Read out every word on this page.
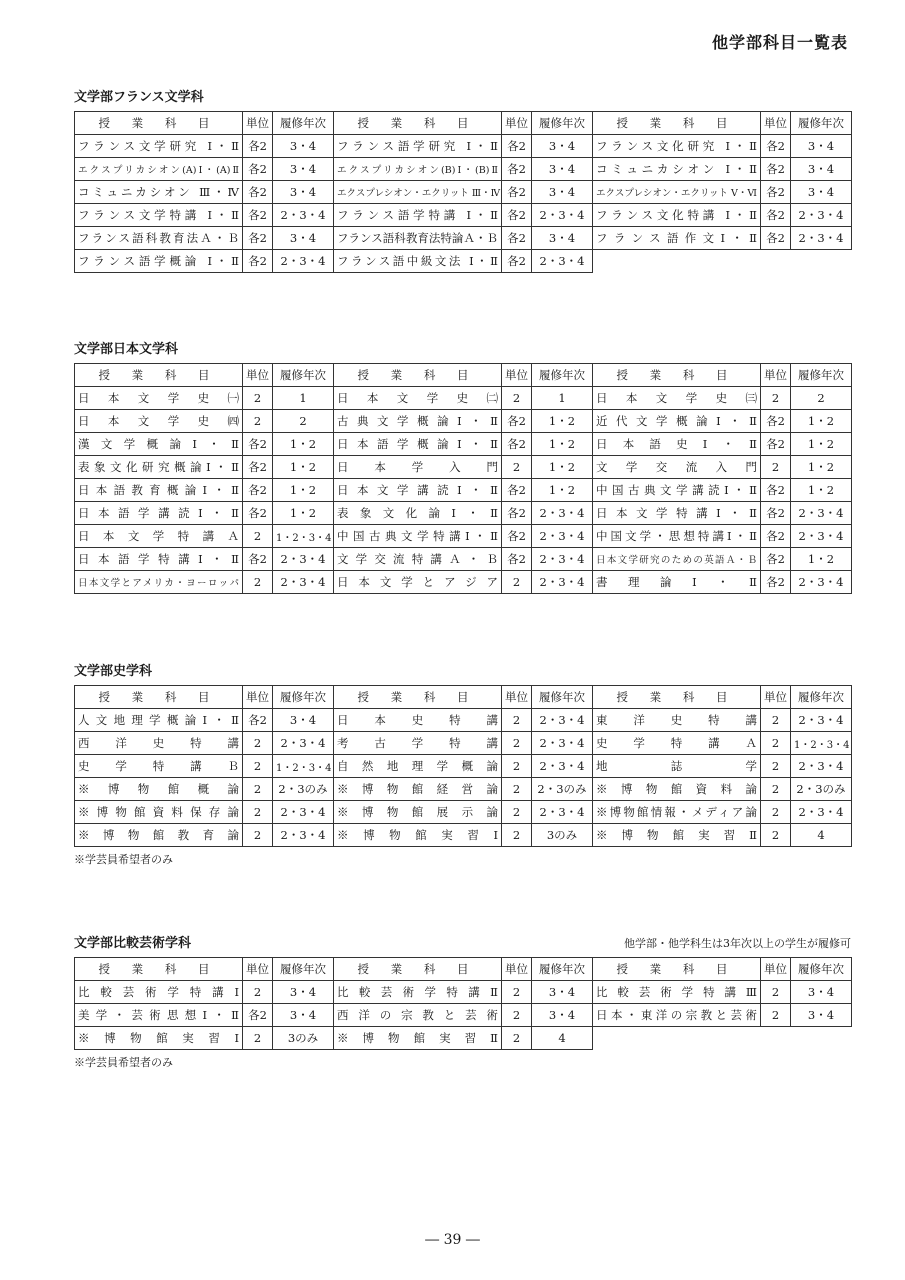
他学部科目一覧表
文学部フランス文学科
授 業 科 目	単位	履修年次	授 業 科 目	単位	履修年次	授 業 科 目	単位	履修年次
フランス文学研究 Ⅰ・Ⅱ	各2	3・4	フランス語学研究 Ⅰ・Ⅱ	各2	3・4	フランス文化研究 Ⅰ・Ⅱ	各2	3・4
エクスプリカシオン(A)Ⅰ・(A)Ⅱ	各2	3・4	エクスプリカシオン(B)Ⅰ・(B)Ⅱ	各2	3・4	コミュニカシオン Ⅰ・Ⅱ	各2	3・4
コミュニカシオン Ⅲ・Ⅳ	各2	3・4	エクスプレシオン・エクリット Ⅲ・Ⅳ	各2	3・4	エクスプレシオン・エクリット Ⅴ・Ⅵ	各2	3・4
フランス文学特講 Ⅰ・Ⅱ	各2	2・3・4	フランス語学特講 Ⅰ・Ⅱ	各2	2・3・4	フランス文化特講 Ⅰ・Ⅱ	各2	2・3・4
フランス語科教育法Ａ・Ｂ	各2	3・4	フランス語科教育法特論Ａ・Ｂ	各2	3・4	フランス語作文Ⅰ・Ⅱ	各2	2・3・4
フランス語学概論 Ⅰ・Ⅱ	各2	2・3・4	フランス語中級文法 Ⅰ・Ⅱ	各2	2・3・4			
文学部日本文学科
授 業 科 目	単位	履修年次	授 業 科 目	単位	履修年次	授 業 科 目	単位	履修年次
日本文学史㈠	2	1	日本文学史㈡	2	1	日本文学史㈢	2	2
日本文学史㈣	2	2	古典文学概論Ⅰ・Ⅱ	各2	1・2	近代文学概論Ⅰ・Ⅱ	各2	1・2
漢文学概論Ⅰ・Ⅱ	各2	1・2	日本語学概論Ⅰ・Ⅱ	各2	1・2	日本語史Ⅰ・Ⅱ	各2	1・2
表象文化研究概論Ⅰ・Ⅱ	各2	1・2	日本学入門	2	1・2	文学交流入門	2	1・2
日本語教育概論Ⅰ・Ⅱ	各2	1・2	日本文学講読Ⅰ・Ⅱ	各2	1・2	中国古典文学講読Ⅰ・Ⅱ	各2	1・2
日本語学講読Ⅰ・Ⅱ	各2	1・2	表象文化論Ⅰ・Ⅱ	各2	2・3・4	日本文学特講Ⅰ・Ⅱ	各2	2・3・4
日本文学特講Ａ	2	1・2・3・4	中国古典文学特講Ⅰ・Ⅱ	各2	2・3・4	中国文学・思想特講Ⅰ・Ⅱ	各2	2・3・4
日本語学特講Ⅰ・Ⅱ	各2	2・3・4	文学交流特講Ａ・Ｂ	各2	2・3・4	日本文学研究のための英語Ａ・Ｂ	各2	1・2
日本文学とアメリカ・ヨーロッパ	2	2・3・4	日本文学とアジア	2	2・3・4	書理論Ⅰ・Ⅱ	各2	2・3・4
文学部史学科
授 業 科 目	単位	履修年次	授 業 科 目	単位	履修年次	授 業 科 目	単位	履修年次
人文地理学概論Ⅰ・Ⅱ	各2	3・4	日本史特講	2	2・3・4	東洋史特講	2	2・3・4
西洋史特講	2	2・3・4	考古学特講	2	2・3・4	史学特講Ａ	2	1・2・3・4
史学特講Ｂ	2	1・2・3・4	自然地理学概論	2	2・3・4	地誌学	2	2・3・4
※博物館概論	2	2・3のみ	※博物館経営論	2	2・3のみ	※博物館資料論	2	2・3のみ
※博物館資料保存論	2	2・3・4	※博物館展示論	2	2・3・4	※博物館情報・メディア論	2	2・3・4
※博物館教育論	2	2・3・4	※博物館実習Ⅰ	2	3のみ	※博物館実習Ⅱ	2	4
※学芸員希望者のみ
文学部比較芸術学科	他学部・他学科生は3年次以上の学生が履修可
授 業 科 目	単位	履修年次	授 業 科 目	単位	履修年次	授 業 科 目	単位	履修年次
比較芸術学特講Ⅰ	2	3・4	比較芸術学特講Ⅱ	2	3・4	比較芸術学特講Ⅲ	2	3・4
美学・芸術思想Ⅰ・Ⅱ	各2	3・4	西洋の宗教と芸術	2	3・4	日本・東洋の宗教と芸術	2	3・4
※博物館実習Ⅰ	2	3のみ	※博物館実習Ⅱ	2	4			
※学芸員希望者のみ
― 39 ―
